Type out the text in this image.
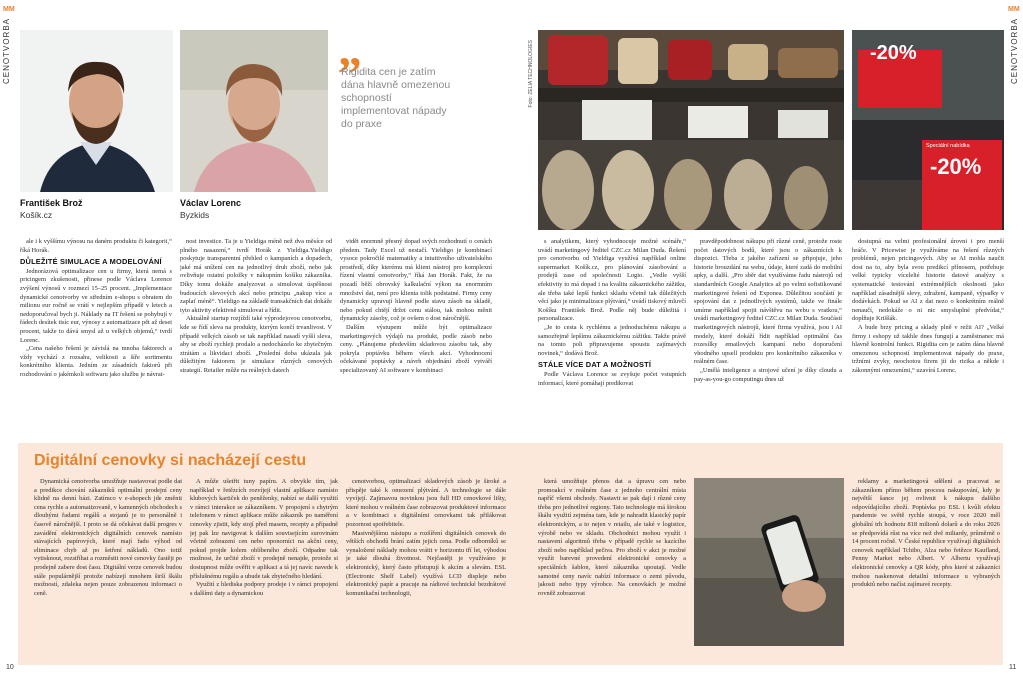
CENOTVORBA
MM
CENOTVORBA
MM
František Brož
Košík.cz
Václav Lorenc
Byzkids
„
Rigidita cen je zatím dána hlavně omezenou schopností implementovat nápady do praxe
Foto: ZELIA TECHNOLOGIES	-20%
Speciální nabídka
-20%

ale i k vyššímu výnosu na daném produktu či kategorii,“ říká Horák.

DŮLEŽITÉ SIMULACE A MODELOVÁNÍ

Jednorázová optimalizace cen u firmy, která nemá s pricingem zkušenosti, přinese podle Václava Lorence zvýšení výnosů v rozmezí 15–25 procent. „Implementace dynamické cenotvorby ve středním e-shopu s obratem do milionu eur ročně se vrátí v nejlepším případě v letech a nedoporučoval bych ji. Náklady na IT řešení se pohybují v řádech desítek tisíc eur, výnosy z automatizace pět až deset procent, takže to dává smysl až u velkých objemů,“ tvrdí Lorenc.

„Cena našeho řešení je závislá na mnoha faktorech a vždy vychází z rozsahu, velikosti a šíře sortimentu konkrétního klienta. Jedním ze zásadních faktorů při rozhodování o jakémkoli softwaru jako službu je návrat-

nost investice. Ta je u Yieldiga méně než dva měsíce od plného nasazení,“ tvrdí Horák z Yieldiga.Yieldigo poskytuje transparentní přehled o kampaních a dopadech, jaké má snížení cen na jednotlivý druh zboží, nebo jak ovlivňuje ostatní položky v nákupním košíku zákazníka. Díky tomu dokáže analyzovat a simulovat úspěšnost budoucích slevových akcí nebo principu „nakup více a zaplať méně“. Yieldigo na základě transakčních dat dokáže tyto aktivity efektivně simulovat a řídit.

Aktuálně startup rozjíždí také výprodejovou cenotvorbu, kde se řídí sleva na produkty, kterým končí trvanlivost. V případě velkých zásob se tak například nasadí vyšší sleva, aby se zboží rychleji prodalo a nedocházelo ke zbytečným ztrátám a likvidaci zboží. „Poslední doba ukázala jak důležitým faktorem je simulace různých cenových strategií. Retailer může na reálných datech

vidět enormně přesný dopad svých rozhodnutí o cenách předem. Tady Excel už nestačí. Yieldigo je kombinací vysoce pokročilé matematiky a intuitivního uživatelského prostředí, díky kterému má klient nástroj pro komplexní řízení vlastní cenotvorby,“ říká Jan Horák. Fakt, že na pozadí běží obrovský kalkulační výkon na enormním množství dat, není pro klienta tolik podstatné. Firmy ceny dynamicky upravují hlavně podle stavu zásob na skladě, nebo pokud chtějí držet cenu stálou, tak mohou měnit dynamicky zásoby, což je ovšem o dost náročnější.

Dalším výstupem může být optimalizace marketingových výdajů na produkt, podle zásob nebo ceny. „Plánujeme především skladovou zásobu tak, aby pokryla poptávku během všech akcí. Vyhodnocení očekávané poptávky a návrh objednání zboží vytváří specializovaný AI software v kombinaci

s analytikem, který vyhodnocuje možné scénáře,“ uvádí marketingový ředitel CZC.cz Milan Duda. Řešení pro cenotvorbu od Yieldiga využívá například online supermarket Košík.cz, pro plánování zásobování a prodejů zase od společnosti Logio. „Vedle vyšší efektivity to má dopad i na kvalitu zákaznického zážitku, ale třeba také lepší funkci skladu včetně tak důležitých věcí jako je minimalizace plýtvání,“ uvádí tiskový mluvčí Košíku František Brož. Podle něj bude důležitá i personalizace.

„Je to cesta k rychlému a jednoduchému nákupu a samozřejmě lepšímu zákaznickému zážitku. Takže právě na tomto poli připravujeme spoustu zajímavých novinek,“ dodává Brož.

STÁLE VÍCE DAT A MOŽNOSTÍ

Podle Václava Lorence se zvyšuje počet vstupních informací, které pomáhají predikovat

pravděpodobnost nákupu při různé ceně, protože roste počet datových bodů, které jsou o zákaznících k dispozici. Třeba z jakého zařízení se připojuje, jeho historie brouzdání na webu, údaje, které zadá do mobilní apky, a další. „Pro sběr dat využíváme řadu nástrojů od standardních Google Analytics až po velmi sofistikované marketingové řešení od Exponea. Důležitou součástí je spojování dat z jednotlivých systémů, takže ve finále umíme například spojit návštěvu na webu s vratkou,“ uvádí marketingový ředitel CZC.cz Milan Duda. Součástí marketingových nástrojů, které firma využívá, jsou i AI modely, které dokáží řídit například optimální čas rozesílky emailových kampaní nebo doporučení vhodného upsell produktu pro konkrétního zákazníka v reálném čase.

„Umělá inteligence a strojové učení je díky cloudu a pay-as-you-go computingu dnes už

dostupná na velmi profesionální úrovni i pro menší hráče. V Pricewise je využíváme na řešení různých problémů, nejen pricingových. Aby se AI mohla naučit dost na to, aby byla svou predikcí přínosem, potřebuje velké typicky vícelelté historie datové analýzy s systematické testování extrémnějších okolností jako například zásadnější slevy, zdražení, kampaně, výpadky v dodávkách. Pokud se AI z dat nezo o konkrétním reálně nenaučí, nedokáže o ni nic smysluplné předvídat,“ doplňuje Kriššák.

A bude brzy pricing a sklady plně v režii AI? „Velké firmy i eshopy už takhle dnes fungují a zaměstnanec má hlavně kontrolní funkci. Rigidita cen je zatím dána hlavně omezenou schopností implementovat nápady do praxe, tržními zvyky, neochotou firem jít do rizika a někde i zákonnými omezeními,“ uzavírá Lorenc.

Digitální cenovky si nacházejí cestu

Dynamická cenotvorba umožňuje nastavovat podle dat a predikce chování zákazníků optimální prodejní ceny klidně na denní bázi. Zatímco v e-shopech jde změnit cena rychle a automatizovaně, v kamenných obchodech s dlouhými řadami regálů a stojanů je to personálně i časově náročnější. I proto se dá očekávat další progres v zavádění elektronických digitálních cenovek namísto stávajících papírových, které mají řadu výhod od eliminace chyb až po šetření nákladů. Ono totiž vytisknout, rozstříhat a rozměstit nové cenovky častěji po prodejně zabere dost času. Digitální verze cenovek budou stále populárnější protože nabízejí mnohem širší škálu možností, zdaleka nejen pouze zobrazenou informaci o ceně.

A může ušetřit tuny papíru. A obvykle tím, jak například v řetězcích rozvíjejí vlastní aplikace namísto klubových kartiček do peněženky, nabízí se další využití v rámci interakce se zákazníkem. V propojení s chytrým telefonem v rámci aplikace může zákazník po naměření cenovky zjistit, kdy stojí před masem, recepty a případně jej pak lze navigovat k dalším souvisejícím surovinám včetně zobrazení cen nebo oponorníci na akční ceny, pokud projde kolem oblíbeného zboží. Odpadne tak možnost, že určité zboží v prodejně nenajde, protože si dostupnost může ověřit v aplikaci a tá jej navíc navede k příslušnému regálu a ubude tak zbytečného hledání.

Využití z hlediska podpory prodeje i v rámci propojení s dalšími daty a dynamickou

cenotvorbou, optimalizací skladových zásob je široké a přispěje také k omezení plýtvání. A technologie se dále vyvíjejí. Zajímavou novinkou jsou full HD cenovkové lišty, které mohou v reálném čase zobrazovat produktové informace a v kombinaci s digitálními cenovkami tak přilákovat pozornost spotřebitele.

Masivnějšímu nástupu a rozšíření digitálních cenovek do větších obchodů brání zatím jejich cena. Podle odborníků se vynaložené náklady mohou vrátit v horizontu tří let, výhodou je také dlouhá životnost. Nejčastěji je využíváno je elektronický, který často přistupují k akcím a slevám. ESL (Electronic Shelf Label) využívá LCD displeje nebo elektronický papír a pracuje na rádiové technické bezdrátové komunikační technologii,

která umožňuje přenos dat a úpravu cen nebo promoakcí v reálném čase z jednoho centrální místa napříč všemi obchody. Nastavit se pak dají i různé ceny třeba pro jednotlivé regiony. Tato technologie má širokou škálu využití zejména tam, kde je nahradit klasický papír elektronickým, a to nejen v retailu, ale také v logistice, výrobě nebo ve skladu. Obchodníci mohou využít i nastavení algoritmů třeba v případě rychle se kazícího zboží nebo například pečiva. Pro zboží v akci je možné využít barevné provedení elektronické cenovky a speciálních šablon, které zákazníka upoutají. Vedle samotné ceny navíc nabízí informace o zemi původu, jakosti nebo typy výrobce. Na cenovkách je možné rovněž zobrazovat

reklamy a marketingová sdělení a pracovat se zákazníkem přímo během procesu nakupování, kdy je největší šance jej ovlivnit k nákupu dalšího odpovídajícího zboží. Poptávka po ESL i kvůli efektu pandemie ve světě rychle stoupá, v roce 2020 měl globální trh hodnotu 818 milionů dolarů a do roku 2026 se předpovídá růst na více než dvě miliardy, průměrně o 14 procent ročně. V České republice využívají digitálních cenovek například Tchibo, Alza nebo řetězce Kaufland, Penny Market nebo Albert. V Albertu využívají elektronické cenovky a QR kódy, přes které si zákazníci mohou naskenovat detailní informace u vybraných produktů nebo načíst zajímavé recepty.

10	11
